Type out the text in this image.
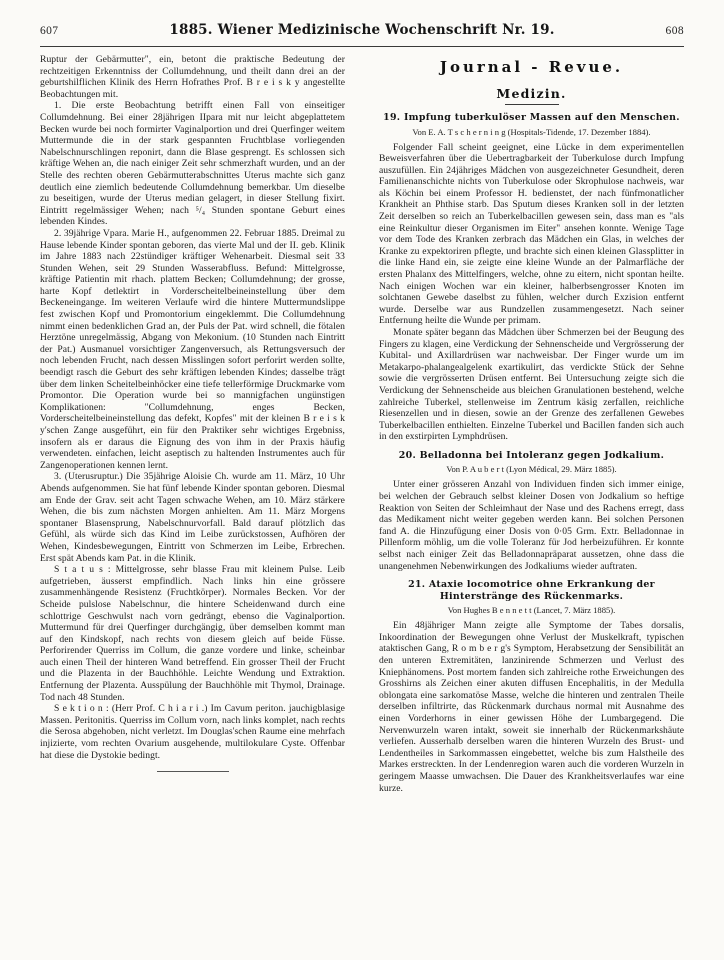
607	1885. Wiener Medizinische Wochenschrift Nr. 19.	608

Ruptur der Gebärmutter", ein, betont die praktische Bedeutung der rechtzeitigen Erkenntniss der Collumdehnung, und theilt dann drei an der geburtshilflichen Klinik des Herrn Hofrathes Prof. B r e i s k y angestellte Beobachtungen mit.

1. Die erste Beobachtung betrifft einen Fall von einseitiger Collumdehnung. Bei einer 28jährigen IIpara mit nur leicht abgeplattetem Becken wurde bei noch formirter Vaginalportion und drei Querfinger weitem Muttermunde die in der stark gespannten Fruchtblase vorliegenden Nabelschnurschlingen reponirt, dann die Blase gesprengt. Es schlossen sich kräftige Wehen an, die nach einiger Zeit sehr schmerzhaft wurden, und an der Stelle des rechten oberen Gebärmutterabschnittes Uterus machte sich ganz deutlich eine ziemlich bedeutende Collumdehnung bemerkbar. Um dieselbe zu beseitigen, wurde der Uterus median gelagert, in dieser Stellung fixirt. Eintritt regelmässiger Wehen; nach ⁵/₄ Stunden spontane Geburt eines lebenden Kindes.

2. 39jährige Vpara. Marie H., aufgenommen 22. Februar 1885. Dreimal zu Hause lebende Kinder spontan geboren, das vierte Mal und der II. geb. Klinik im Jahre 1883 nach 22stündiger kräftiger Wehenarbeit. Diesmal seit 33 Stunden Wehen, seit 29 Stunden Wasserabfluss. Befund: Mittelgrosse, kräftige Patientin mit rhach. plattem Becken; Collumdehnung; der grosse, harte Kopf detlektirt in Vorderscheitelbeineinstellung über dem Beckeneingange. Im weiteren Verlaufe wird die hintere Muttermundslippe fest zwischen Kopf und Promontorium eingeklemmt. Die Collumdehnung nimmt einen bedenklichen Grad an, der Puls der Pat. wird schnell, die fötalen Herztöne unregelmässig, Abgang von Mekonium. (10 Stunden nach Eintritt der Pat.) Ausmanuel vorsichtiger Zangenversuch, als Rettungsversuch der noch lebenden Frucht, nach dessen Misslingen sofort perforirt werden sollte, beendigt rasch die Geburt des sehr kräftigen lebenden Kindes; dasselbe trägt über dem linken Scheitelbeinhöcker eine tiefe tellerförmige Druckmarke vom Promontor. Die Operation wurde bei so mannigfachen ungünstigen Komplikationen: "Collumdehnung, enges Becken, Vorderscheitelbeineinstellung das defekt, Kopfes" mit der kleinen B r e i s k y'schen Zange ausgeführt, ein für den Praktiker sehr wichtiges Ergebniss, insofern als er daraus die Eignung des von ihm in der Praxis häufig verwendeten. einfachen, leicht aseptisch zu haltenden Instrumentes auch für Zangenoperationen kennen lernt.

3. (Uterusruptur.) Die 35jährige Aloisie Ch. wurde am 11. März, 10 Uhr Abends aufgenommen. Sie hat fünf lebende Kinder spontan geboren. Diesmal am Ende der Grav. seit acht Tagen schwache Wehen, am 10. März stärkere Wehen, die bis zum nächsten Morgen anhielten. Am 11. März Morgens spontaner Blasensprung, Nabelschnurvorfall. Bald darauf plötzlich das Gefühl, als würde sich das Kind im Leibe zurückstossen, Aufhören der Wehen, Kindesbewegungen, Eintritt von Schmerzen im Leibe, Erbrechen. Erst spät Abends kam Pat. in die Klinik.

S t a t u s : Mittelgrosse, sehr blasse Frau mit kleinem Pulse. Leib aufgetrieben, äusserst empfindlich. Nach links hin eine grössere zusammenhängende Resistenz (Fruchtkörper). Normales Becken. Vor der Scheide pulslose Nabelschnur, die hintere Scheidenwand durch eine schlottrige Geschwulst nach vorn gedrängt, ebenso die Vaginalportion. Muttermund für drei Querfinger durchgängig, über demselben kommt man auf den Kindskopf, nach rechts von diesem gleich auf beide Füsse. Perforirender Querriss im Collum, die ganze vordere und linke, scheinbar auch einen Theil der hinteren Wand betreffend. Ein grosser Theil der Frucht und die Plazenta in der Bauchhöhle. Leichte Wendung und Extraktion. Entfernung der Plazenta. Ausspülung der Bauchhöhle mit Thymol, Drainage. Tod nach 48 Stunden.

S e k t i o n : (Herr Prof. C h i a r i .) Im Cavum periton. jauchigblasige Massen. Peritonitis. Querriss im Collum vorn, nach links komplet, nach rechts die Serosa abgehoben, nicht verletzt. Im Douglas'schen Raume eine mehrfach injizierte, vom rechten Ovarium ausgehende, multilokulare Cyste. Offenbar hat diese die Dystokie bedingt.

Journal - Revue.
Medizin.
19. Impfung tuberkulöser Massen auf den Menschen.
Von E. A. T s c h e r n i n g (Hospitals-Tidende, 17. Dezember 1884).

Folgender Fall scheint geeignet, eine Lücke in dem experimentellen Beweisverfahren über die Uebertragbarkeit der Tuberkulose durch Impfung auszufüllen. Ein 24jähriges Mädchen von ausgezeichneter Gesundheit, deren Familienanschichte nichts von Tuberkulose oder Skrophulose nachweis, war als Köchin bei einem Professor H. bedienstet, der nach fünfmonatlicher Krankheit an Phthise starb. Das Sputum dieses Kranken soll in der letzten Zeit derselben so reich an Tuberkelbacillen gewesen sein, dass man es "als eine Reinkultur dieser Organismen im Eiter" ansehen konnte. Wenige Tage vor dem Tode des Kranken zerbrach das Mädchen ein Glas, in welches der Kranke zu expektoriren pflegte, und brachte sich einen kleinen Glassplitter in die linke Hand ein, sie zeigte eine kleine Wunde an der Palmarfläche der ersten Phalanx des Mittelfingers, welche, ohne zu eitern, nicht spontan heilte. Nach einigen Wochen war ein kleiner, halberbsengrosser Knoten im solchtanen Gewebe daselbst zu fühlen, welcher durch Exzision entfernt wurde. Derselbe war aus Rundzellen zusammengesetzt. Nach seiner Entfernung heilte die Wunde per primam.

Monate später begann das Mädchen über Schmerzen bei der Beugung des Fingers zu klagen, eine Verdickung der Sehnenscheide und Vergrösserung der Kubital- und Axillardrüsen war nachweisbar. Der Finger wurde um im Metakarpo-phalangealgelenk exartikulirt, das verdickte Stück der Sehne sowie die vergrösserten Drüsen entfernt. Bei Untersuchung zeigte sich die Verdickung der Sehnenscheide aus bleichen Granulationen bestehend, welche zahlreiche Tuberkel, stellenweise im Zentrum käsig zerfallen, reichliche Riesenzellen und in diesen, sowie an der Grenze des zerfallenen Gewebes Tuberkelbacillen enthielten. Einzelne Tuberkel und Bacillen fanden sich auch in den exstirpirten Lymphdrüsen.

20. Belladonna bei Intoleranz gegen Jodkalium.
Von P. A u b e r t (Lyon Médical, 29. März 1885).

Unter einer grösseren Anzahl von Individuen finden sich immer einige, bei welchen der Gebrauch selbst kleiner Dosen von Jodkalium so heftige Reaktion von Seiten der Schleimhaut der Nase und des Rachens erregt, dass das Medikament nicht weiter gegeben werden kann. Bei solchen Personen fand A. die Hinzufügung einer Dosis von 0·05 Grm. Extr. Belladonnae in Pillenform möhlig, um die volle Toleranz für Jod herbeizuführen. Er konnte selbst nach einiger Zeit das Belladonnapräparat aussetzen, ohne dass die unangenehmen Nebenwirkungen des Jodkaliums wieder auftraten.

21. Ataxie locomotrice ohne Erkrankung der Hinterstränge des Rückenmarks.
Von Hughes B e n n e t t (Lancet, 7. März 1885).

Ein 48jähriger Mann zeigte alle Symptome der Tabes dorsalis, Inkoordination der Bewegungen ohne Verlust der Muskelkraft, typischen ataktischen Gang, R o m b e r g's Symptom, Herabsetzung der Sensibilität an den unteren Extremitäten, lanzinirende Schmerzen und Verlust des Kniephänomens. Post mortem fanden sich zahlreiche rothe Erweichungen des Grosshirns als Zeichen einer akuten diffusen Encephalitis, in der Medulla oblongata eine sarkomatöse Masse, welche die hinteren und zentralen Theile derselben infiltrirte, das Rückenmark durchaus normal mit Ausnahme des einen Vorderhorns in einer gewissen Höhe der Lumbargegend. Die Nervenwurzeln waren intakt, soweit sie innerhalb der Rückenmarkshäute verliefen. Ausserhalb derselben waren die hinteren Wurzeln des Brust- und Lendentheiles in Sarkommassen eingebettet, welche bis zum Halstheile des Markes erstreckten. In der Lendenregion waren auch die vorderen Wurzeln in geringem Maasse umwachsen. Die Dauer des Krankheitsverlaufes war eine kurze.
